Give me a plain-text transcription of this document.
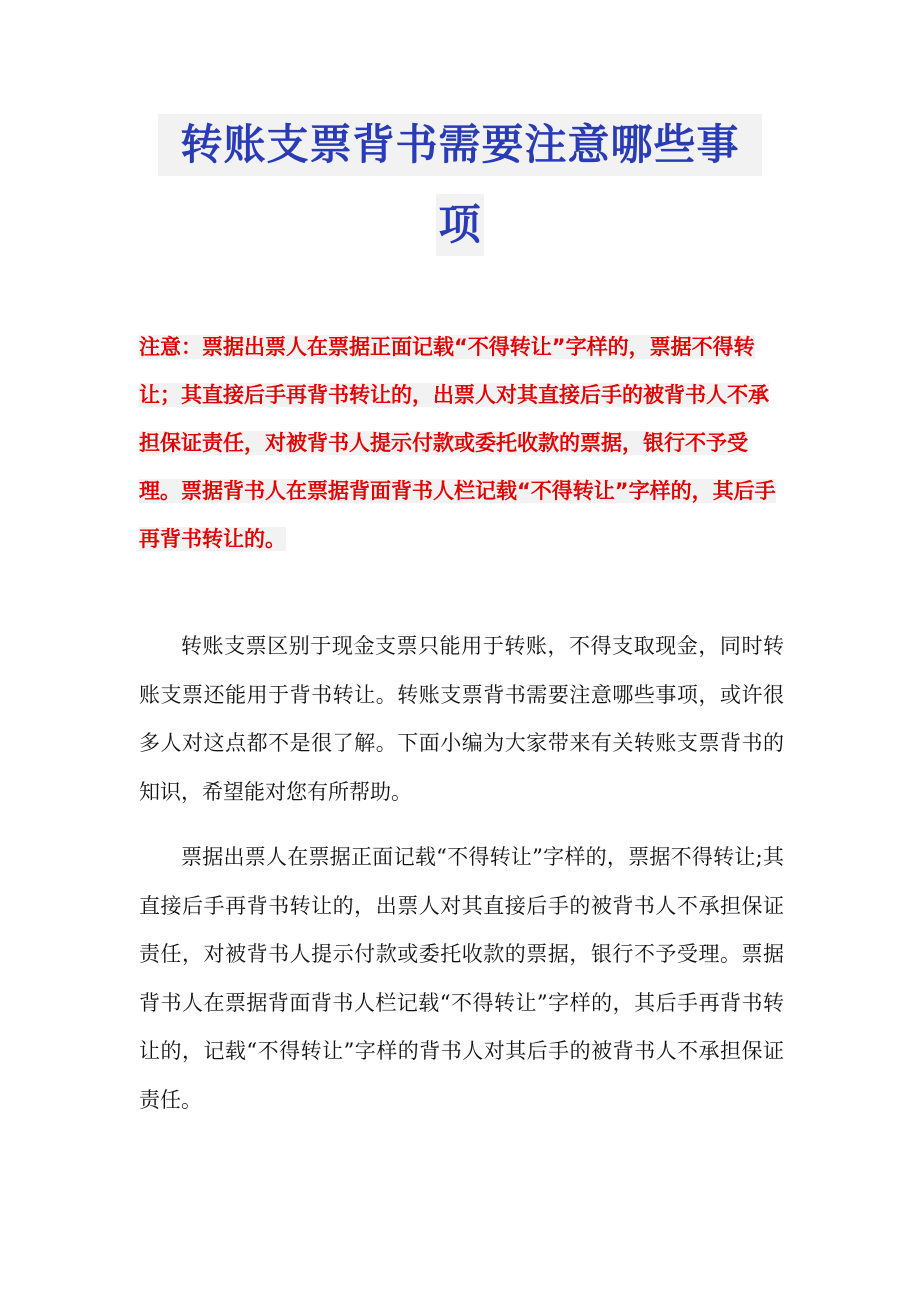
转账支票背书需要注意哪些事
项
注意：票据出票人在票据正面记载“不得转让”字样的，票据不得转让；其直接后手再背书转让的，出票人对其直接后手的被背书人不承担保证责任，对被背书人提示付款或委托收款的票据，银行不予受理。票据背书人在票据背面背书人栏记载“不得转让”字样的，其后手再背书转让的。

转账支票区别于现金支票只能用于转账，不得支取现金，同时转账支票还能用于背书转让。转账支票背书需要注意哪些事项，或许很多人对这点都不是很了解。下面小编为大家带来有关转账支票背书的知识，希望能对您有所帮助。

票据出票人在票据正面记载“不得转让”字样的，票据不得转让;其直接后手再背书转让的，出票人对其直接后手的被背书人不承担保证责任，对被背书人提示付款或委托收款的票据，银行不予受理。票据背书人在票据背面背书人栏记载“不得转让”字样的，其后手再背书转让的，记载“不得转让”字样的背书人对其后手的被背书人不承担保证责任。
